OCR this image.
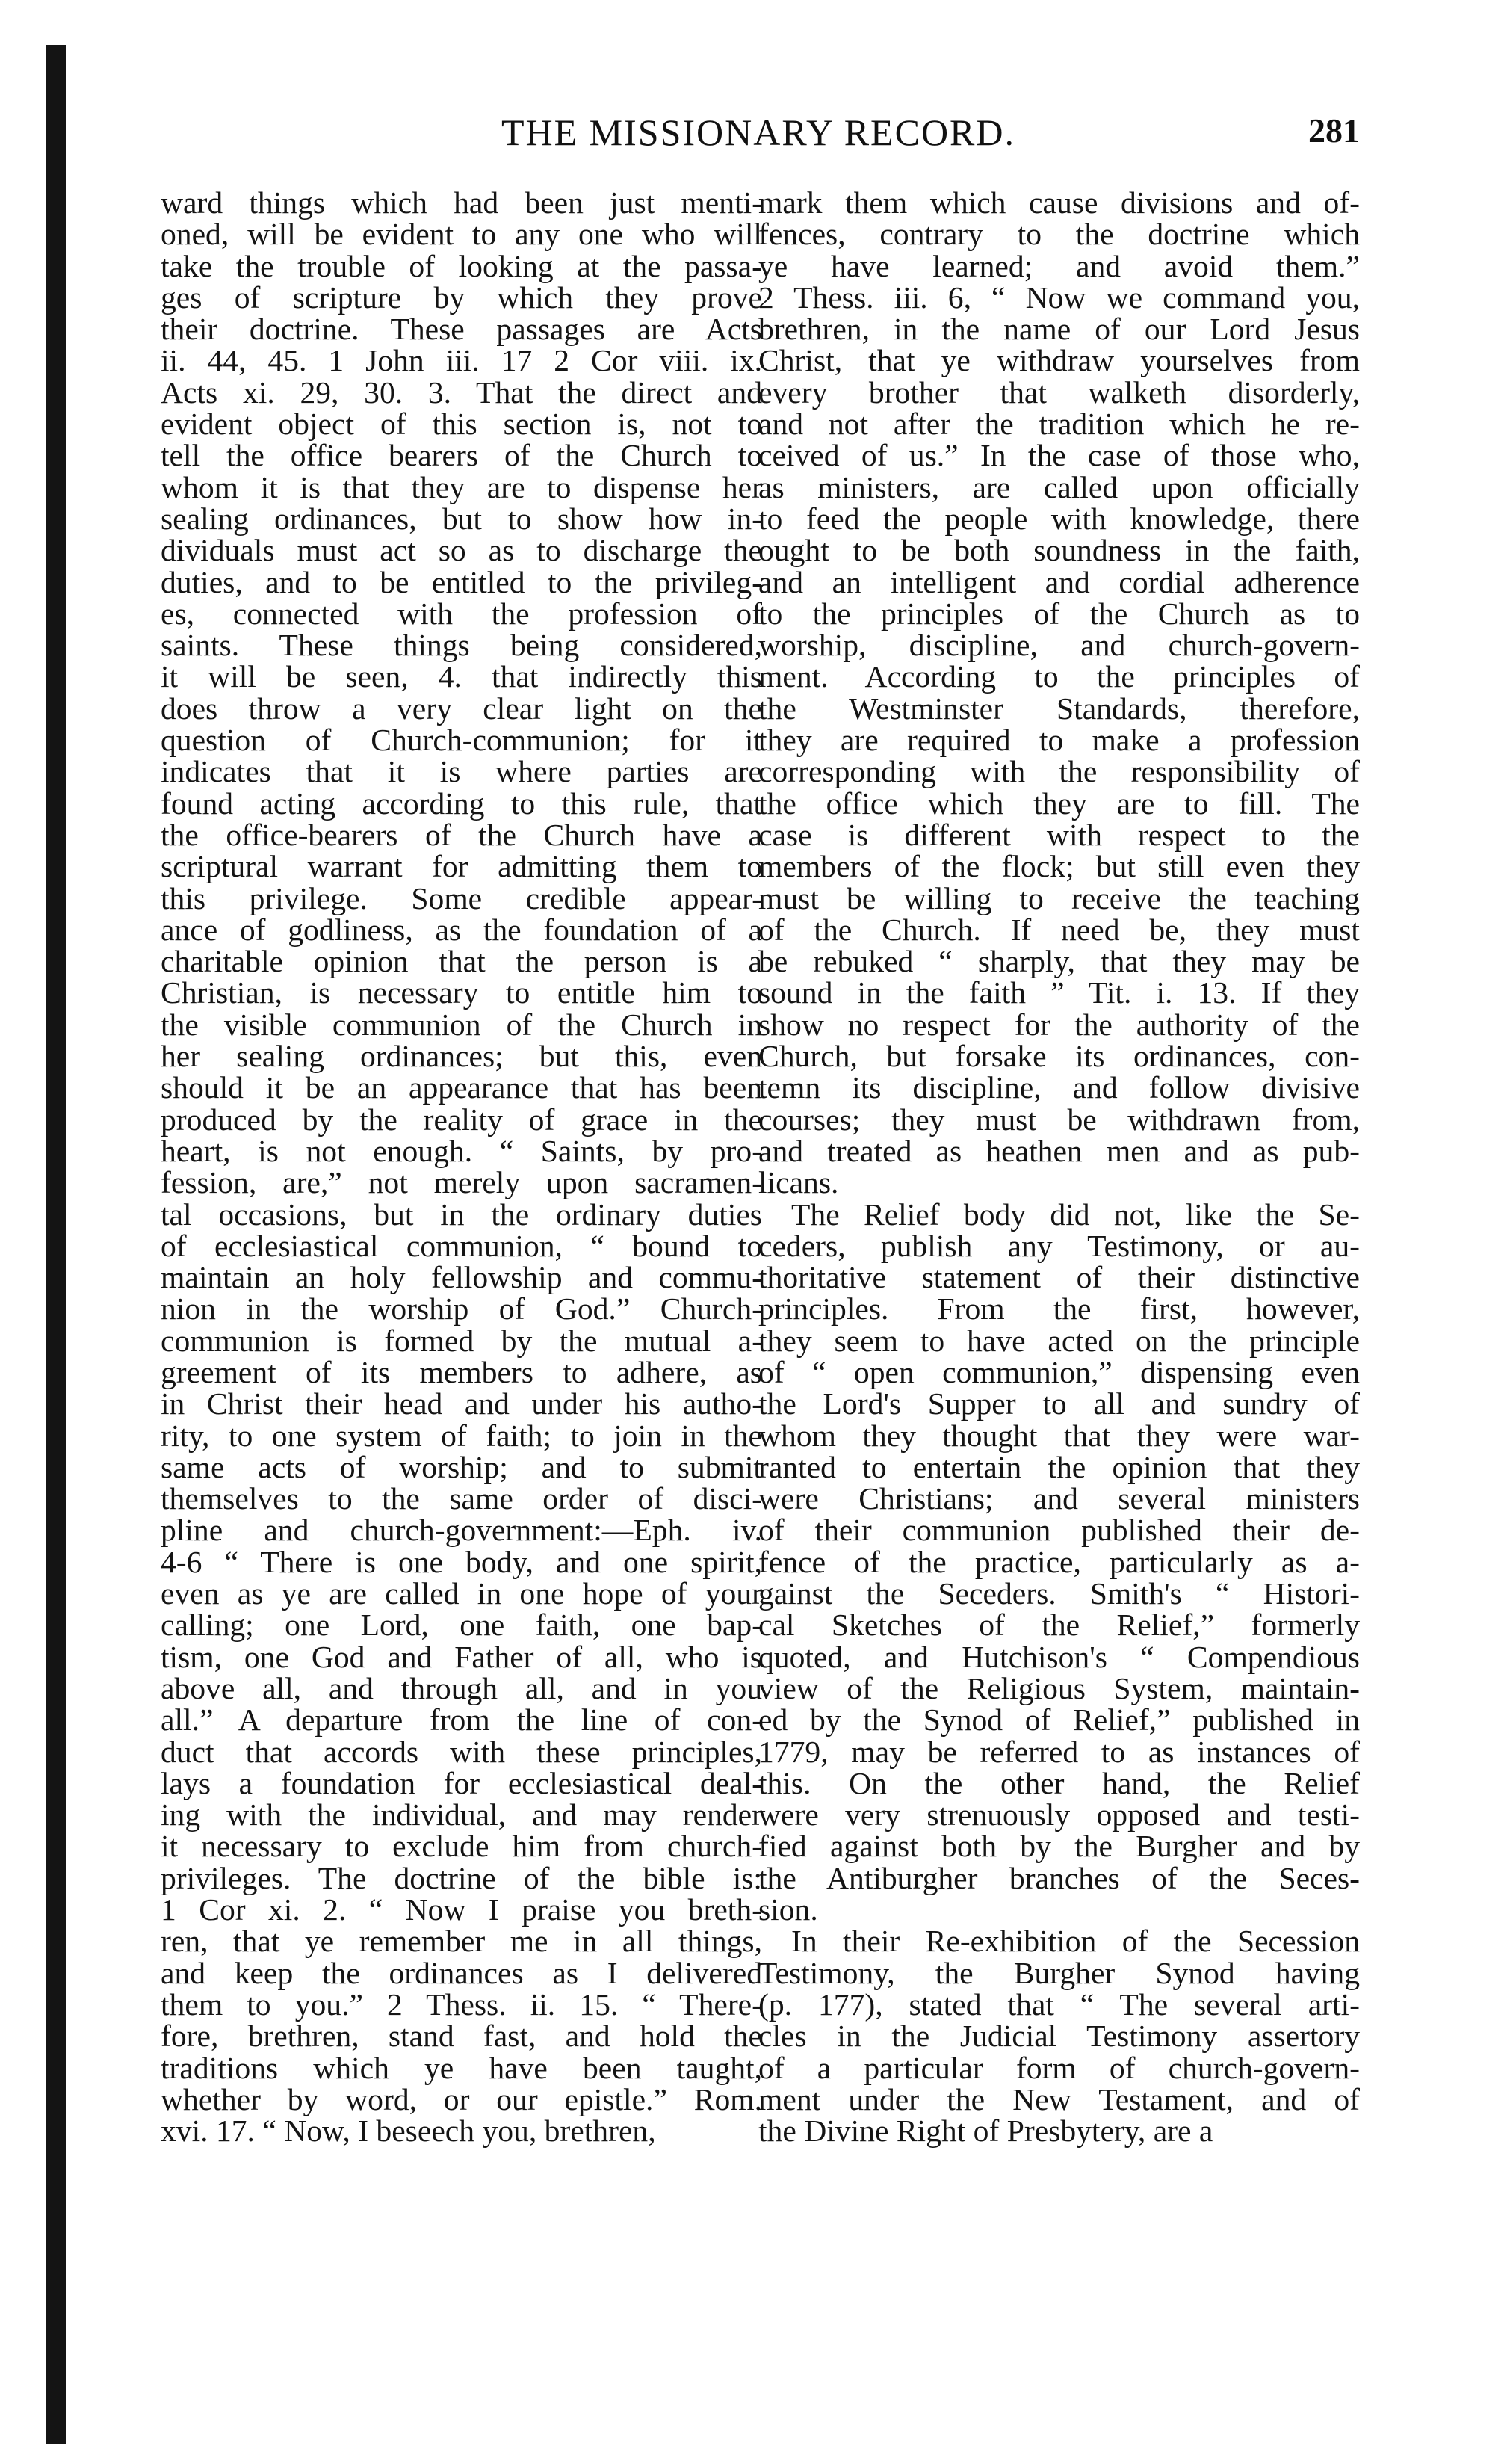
THE MISSIONARY RECORD.	281

ward things which had been just menti-
oned, will be evident to any one who will
take the trouble of looking at the passa-
ges of scripture by which they prove
their doctrine. These passages are Acts
ii. 44, 45. 1 John iii. 17 2 Cor viii. ix.
Acts xi. 29, 30. 3. That the direct and
evident object of this section is, not to
tell the office bearers of the Church to
whom it is that they are to dispense her
sealing ordinances, but to show how in-
dividuals must act so as to discharge the
duties, and to be entitled to the privileg-
es, connected with the profession of
saints. These things being considered,
it will be seen, 4. that indirectly this
does throw a very clear light on the
question of Church-communion; for it
indicates that it is where parties are
found acting according to this rule, that
the office-bearers of the Church have a
scriptural warrant for admitting them to
this privilege. Some credible appear-
ance of godliness, as the foundation of a
charitable opinion that the person is a
Christian, is necessary to entitle him to
the visible communion of the Church in
her sealing ordinances; but this, even
should it be an appearance that has been
produced by the reality of grace in the
heart, is not enough. “ Saints, by pro-
fession, are,” not merely upon sacramen-
tal occasions, but in the ordinary duties
of ecclesiastical communion, “ bound to
maintain an holy fellowship and commu-
nion in the worship of God.” Church-
communion is formed by the mutual a-
greement of its members to adhere, as
in Christ their head and under his autho-
rity, to one system of faith; to join in the
same acts of worship; and to submit
themselves to the same order of disci-
pline and church-government:—Eph. iv.
4-6 “ There is one body, and one spirit,
even as ye are called in one hope of your
calling; one Lord, one faith, one bap-
tism, one God and Father of all, who is
above all, and through all, and in you
all.” A departure from the line of con-
duct that accords with these principles,
lays a foundation for ecclesiastical deal-
ing with the individual, and may render
it necessary to exclude him from church-
privileges. The doctrine of the bible is:
1 Cor xi. 2. “ Now I praise you breth-
ren, that ye remember me in all things,
and keep the ordinances as I delivered
them to you.” 2 Thess. ii. 15. “ There-
fore, brethren, stand fast, and hold the
traditions which ye have been taught,
whether by word, or our epistle.” Rom.
xvi. 17. “ Now, I beseech you, brethren,

mark them which cause divisions and of-
fences, contrary to the doctrine which
ye have learned; and avoid them.”
2 Thess. iii. 6, “ Now we command you,
brethren, in the name of our Lord Jesus
Christ, that ye withdraw yourselves from
every brother that walketh disorderly,
and not after the tradition which he re-
ceived of us.” In the case of those who,
as ministers, are called upon officially
to feed the people with knowledge, there
ought to be both soundness in the faith,
and an intelligent and cordial adherence
to the principles of the Church as to
worship, discipline, and church-govern-
ment. According to the principles of
the Westminster Standards, therefore,
they are required to make a profession
corresponding with the responsibility of
the office which they are to fill. The
case is different with respect to the
members of the flock; but still even they
must be willing to receive the teaching
of the Church. If need be, they must
be rebuked “ sharply, that they may be
sound in the faith ” Tit. i. 13. If they
show no respect for the authority of the
Church, but forsake its ordinances, con-
temn its discipline, and follow divisive
courses; they must be withdrawn from,
and treated as heathen men and as pub-
licans.

The Relief body did not, like the Se-
ceders, publish any Testimony, or au-
thoritative statement of their distinctive
principles. From the first, however,
they seem to have acted on the principle
of “ open communion,” dispensing even
the Lord's Supper to all and sundry of
whom they thought that they were war-
ranted to entertain the opinion that they
were Christians; and several ministers
of their communion published their de-
fence of the practice, particularly as a-
gainst the Seceders. Smith's “ Histori-
cal Sketches of the Relief,” formerly
quoted, and Hutchison's “ Compendious
view of the Religious System, maintain-
ed by the Synod of Relief,” published in
1779, may be referred to as instances of
this. On the other hand, the Relief
were very strenuously opposed and testi-
fied against both by the Burgher and by
the Antiburgher branches of the Seces-
sion.

In their Re-exhibition of the Secession
Testimony, the Burgher Synod having
(p. 177), stated that “ The several arti-
cles in the Judicial Testimony assertory
of a particular form of church-govern-
ment under the New Testament, and of
the Divine Right of Presbytery, are a
